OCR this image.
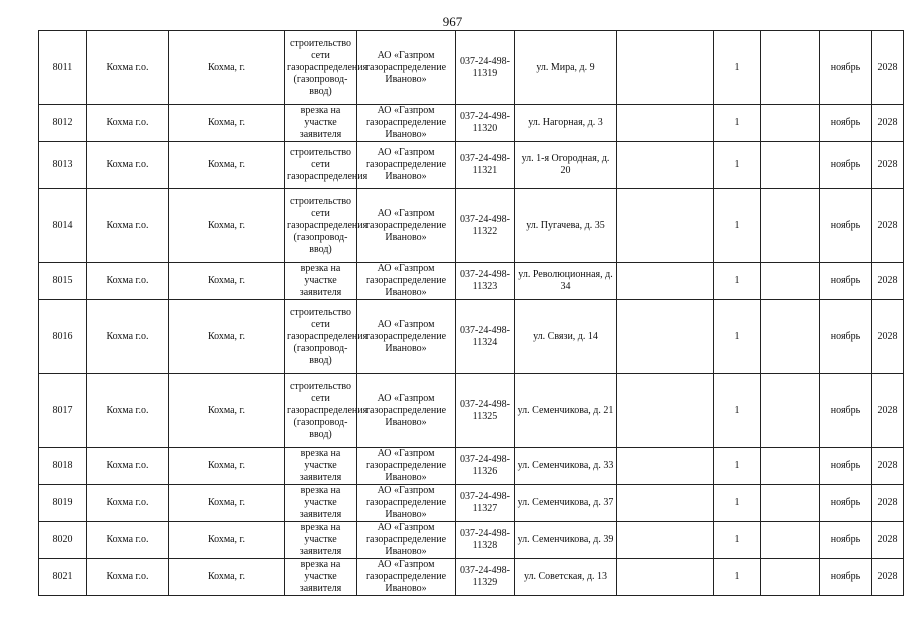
967
8011	Кохма г.о.	Кохма, г.	строительство сети газораспределения (газопровод-ввод)	АО «Газпром газораспределение Иваново»	037-24-498-11319	ул. Мира, д. 9		1		ноябрь	2028
8012	Кохма г.о.	Кохма, г.	врезка на участке заявителя	АО «Газпром газораспределение Иваново»	037-24-498-11320	ул. Нагорная, д. 3		1		ноябрь	2028
8013	Кохма г.о.	Кохма, г.	строительство сети газораспределения	АО «Газпром газораспределение Иваново»	037-24-498-11321	ул. 1-я Огородная, д. 20		1		ноябрь	2028
8014	Кохма г.о.	Кохма, г.	строительство сети газораспределения (газопровод-ввод)	АО «Газпром газораспределение Иваново»	037-24-498-11322	ул. Пугачева, д. 35		1		ноябрь	2028
8015	Кохма г.о.	Кохма, г.	врезка на участке заявителя	АО «Газпром газораспределение Иваново»	037-24-498-11323	ул. Революционная, д. 34		1		ноябрь	2028
8016	Кохма г.о.	Кохма, г.	строительство сети газораспределения (газопровод-ввод)	АО «Газпром газораспределение Иваново»	037-24-498-11324	ул. Связи, д. 14		1		ноябрь	2028
8017	Кохма г.о.	Кохма, г.	строительство сети газораспределения (газопровод-ввод)	АО «Газпром газораспределение Иваново»	037-24-498-11325	ул. Семенчикова, д. 21		1		ноябрь	2028
8018	Кохма г.о.	Кохма, г.	врезка на участке заявителя	АО «Газпром газораспределение Иваново»	037-24-498-11326	ул. Семенчикова, д. 33		1		ноябрь	2028
8019	Кохма г.о.	Кохма, г.	врезка на участке заявителя	АО «Газпром газораспределение Иваново»	037-24-498-11327	ул. Семенчикова, д. 37		1		ноябрь	2028
8020	Кохма г.о.	Кохма, г.	врезка на участке заявителя	АО «Газпром газораспределение Иваново»	037-24-498-11328	ул. Семенчикова, д. 39		1		ноябрь	2028
8021	Кохма г.о.	Кохма, г.	врезка на участке заявителя	АО «Газпром газораспределение Иваново»	037-24-498-11329	ул. Советская, д. 13		1		ноябрь	2028
